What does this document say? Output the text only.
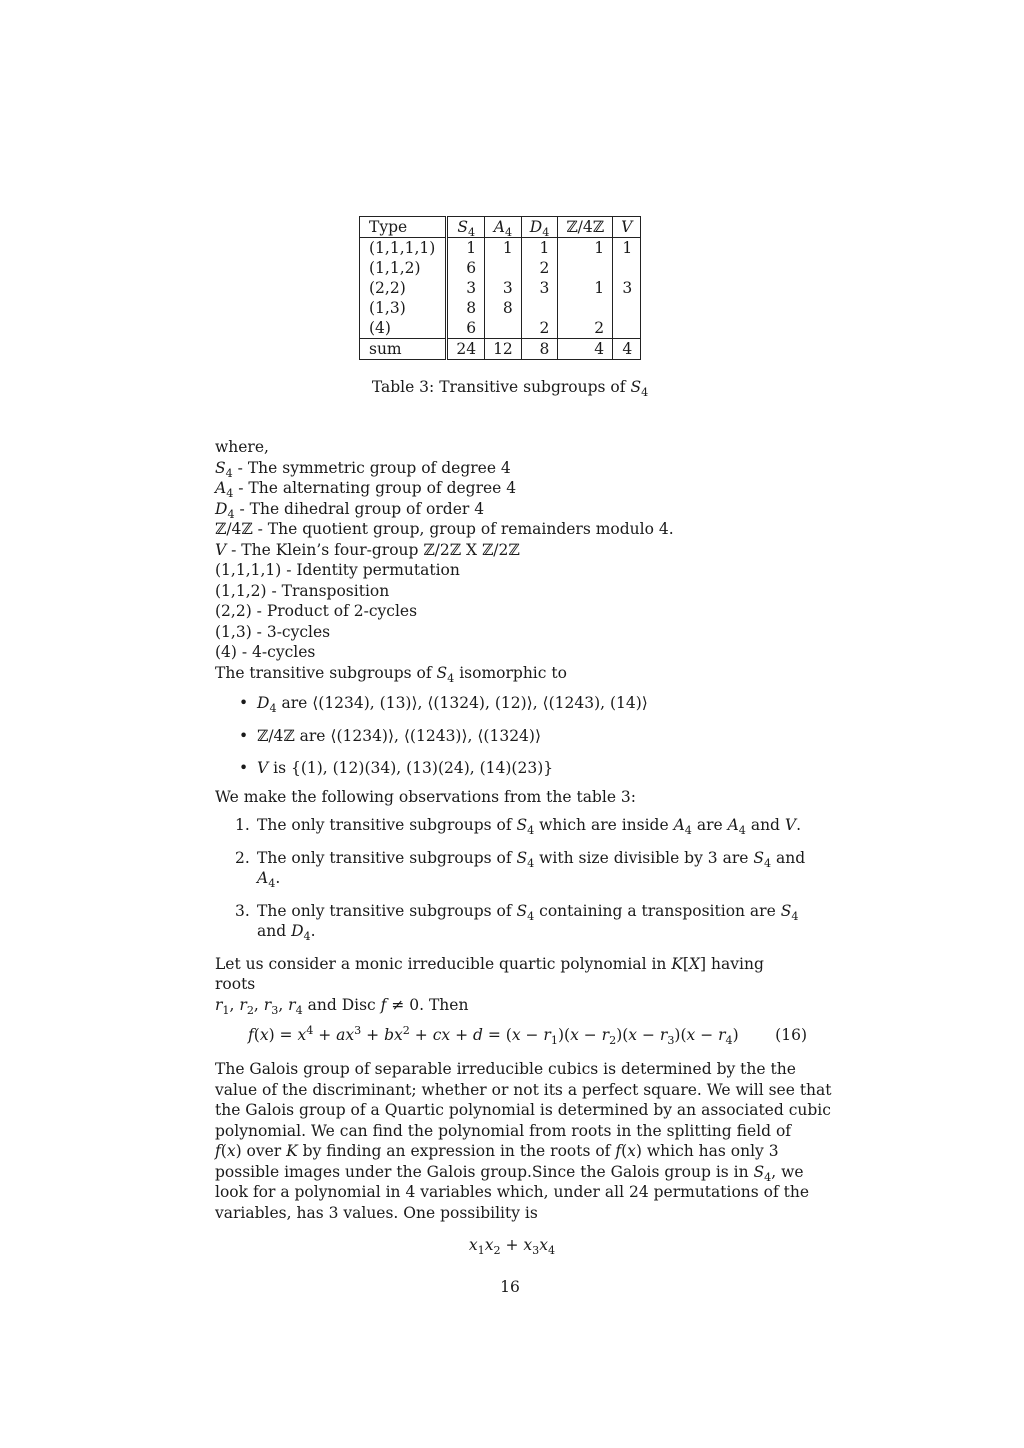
Type	$S_4$	$A_4$	$D_4$	ℤ/4ℤ	V
(1,1,1,1)	1	1	1	1	1
(1,1,2)	6		2		
(2,2)	3	3	3	1	3
(1,3)	8	8			
(4)	6		2	2	
sum	24	12	8	4	4
Table 3: Transitive subgroups of $S_4$
where,
$S_4$ - The symmetric group of degree 4
$A_4$ - The alternating group of degree 4
$D_4$ - The dihedral group of order 4
ℤ/4ℤ - The quotient group, group of remainders modulo 4.
V - The Klein’s four-group ℤ/2ℤ X ℤ/2ℤ
(1,1,1,1) - Identity permutation
(1,1,2) - Transposition
(2,2) - Product of 2-cycles
(1,3) - 3-cycles
(4) - 4-cycles
The transitive subgroups of $S_4$ isomorphic to
• $D_4$ are ⟨(1234), (13)⟩, ⟨(1324), (12)⟩, ⟨(1243), (14)⟩
• ℤ/4ℤ are ⟨(1234)⟩, ⟨(1243)⟩, ⟨(1324)⟩
• V is {(1), (12)(34), (13)(24), (14)(23)}
We make the following observations from the table 3:
1. The only transitive subgroups of $S_4$ which are inside $A_4$ are $A_4$ and V.
2. The only transitive subgroups of $S_4$ with size divisible by 3 are $S_4$ and
$A_4$.
3. The only transitive subgroups of $S_4$ containing a transposition are $S_4$
and $D_4$.
Let us consider a monic irreducible quartic polynomial in K[X] having roots
$r_1$, $r_2$, $r_3$, $r_4$ and Disc f ≠ 0. Then
$f(x) = x^4 + ax^3 + bx^2$ + cx + $d = (x - r_1)(x - r_2)(x - r_3)(x - r_4)$ (16)
The Galois group of separable irreducible cubics is determined by the the
value of the discriminant; whether or not its a perfect square. We will see that
the Galois group of a Quartic polynomial is determined by an associated cubic
polynomial. We can find the polynomial from roots in the splitting field of
f(x) over K by finding an expression in the roots of f(x) which has only 3
possible images under the Galois group.Since the Galois group is in $S_4$, we
look for a polynomial in 4 variables which, under all 24 permutations of the
variables, has 3 values. One possibility is
$x_1x_2 + x_3x_4$
16
